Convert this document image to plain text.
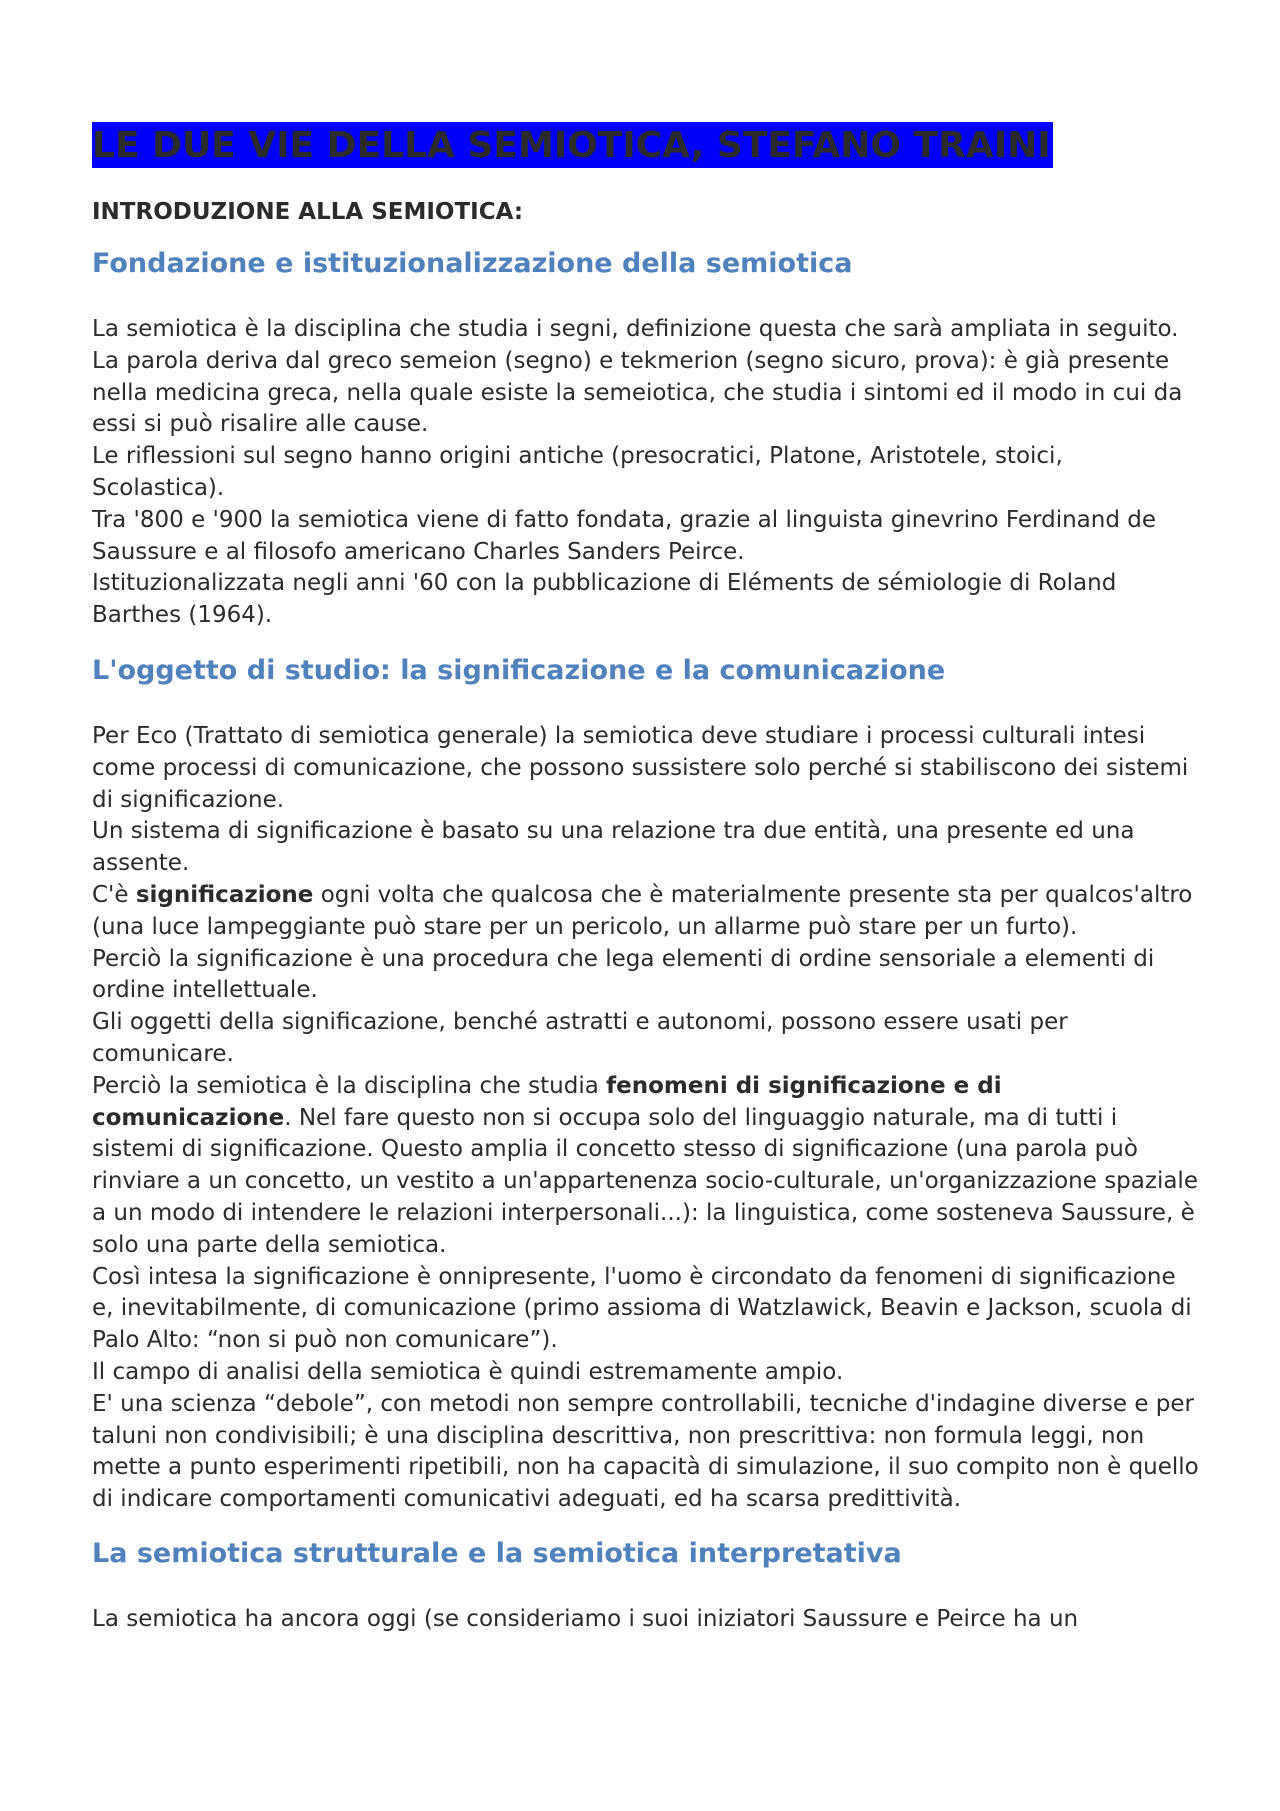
LE DUE VIE DELLA SEMIOTICA, STEFANO TRAINI
INTRODUZIONE ALLA SEMIOTICA:
Fondazione e istituzionalizzazione della semiotica

La semiotica è la disciplina che studia i segni, definizione questa che sarà ampliata in seguito.

La parola deriva dal greco semeion (segno) e tekmerion (segno sicuro, prova): è già presente nella medicina greca, nella quale esiste la semeiotica, che studia i sintomi ed il modo in cui da essi si può risalire alle cause.

Le riflessioni sul segno hanno origini antiche (presocratici, Platone, Aristotele, stoici, Scolastica).

Tra '800 e '900 la semiotica viene di fatto fondata, grazie al linguista ginevrino Ferdinand de Saussure e al filosofo americano Charles Sanders Peirce.

Istituzionalizzata negli anni '60 con la pubblicazione di Eléments de sémiologie di Roland Barthes (1964).

L'oggetto di studio: la significazione e la comunicazione

Per Eco (Trattato di semiotica generale) la semiotica deve studiare i processi culturali intesi come processi di comunicazione, che possono sussistere solo perché si stabiliscono dei sistemi di significazione.

Un sistema di significazione è basato su una relazione tra due entità, una presente ed una assente.

C'è significazione ogni volta che qualcosa che è materialmente presente sta per qualcos'altro (una luce lampeggiante può stare per un pericolo, un allarme può stare per un furto).

Perciò la significazione è una procedura che lega elementi di ordine sensoriale a elementi di ordine intellettuale.

Gli oggetti della significazione, benché astratti e autonomi, possono essere usati per comunicare.

Perciò la semiotica è la disciplina che studia fenomeni di significazione e di comunicazione. Nel fare questo non si occupa solo del linguaggio naturale, ma di tutti i sistemi di significazione. Questo amplia il concetto stesso di significazione (una parola può rinviare a un concetto, un vestito a un'appartenenza socio-culturale, un'organizzazione spaziale a un modo di intendere le relazioni interpersonali...): la linguistica, come sosteneva Saussure, è solo una parte della semiotica.

Così intesa la significazione è onnipresente, l'uomo è circondato da fenomeni di significazione e, inevitabilmente, di comunicazione (primo assioma di Watzlawick, Beavin e Jackson, scuola di Palo Alto: “non si può non comunicare”).

Il campo di analisi della semiotica è quindi estremamente ampio.

E' una scienza “debole”, con metodi non sempre controllabili, tecniche d'indagine diverse e per taluni non condivisibili; è una disciplina descrittiva, non prescrittiva: non formula leggi, non mette a punto esperimenti ripetibili, non ha capacità di simulazione, il suo compito non è quello di indicare comportamenti comunicativi adeguati, ed ha scarsa predittività.

La semiotica strutturale e la semiotica interpretativa

La semiotica ha ancora oggi (se consideriamo i suoi iniziatori Saussure e Peirce ha un
